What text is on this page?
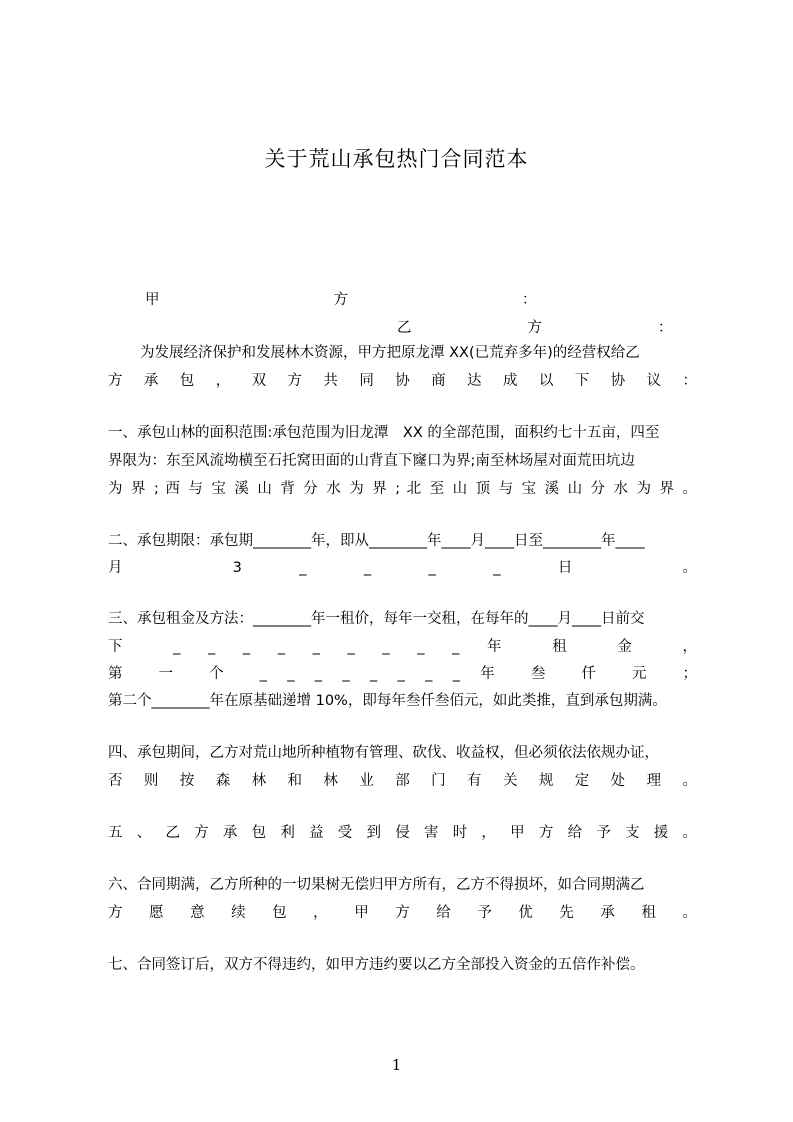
关于荒山承包热门合同范本
甲　　　　　　　　　　　　方　　　　　　　　　　　　：
乙　　　　　　　　方　　　　　　　　：
为发展经济保护和发展林木资源，甲方把原龙潭 XX(已荒弃多年)的经营权给乙
方 承 包 ， 双 方 共 同 协 商 达 成 以 下 协 议 ：
一、承包山林的面积范围:承包范围为旧龙潭　XX 的全部范围，面积约七十五亩，四至
界限为：东至风流坳横至石托窝田面的山背直下窿口为界;南至林场屋对面荒田坑边
为 界 ; 西 与 宝 溪 山 背 分 水 为 界 ; 北 至 山 顶 与 宝 溪 山 分 水 为 界 。
二、承包期限：承包期________年，即从________年____月____日至________年____
月 3 _ _ _ _ 日 。
三、承包租金及方法：________年一租价，每年一交租，在每年的____月____日前交
下 _ _ _ _ _ _ _ _ _ 年 租 金 ，
第 一 个 _ _ _ _ _ _ _ _ 年 叁 仟 元 ；
第二个________年在原基础递增 10%，即每年叁仟叁佰元，如此类推，直到承包期满。
四、承包期间，乙方对荒山地所种植物有管理、砍伐、收益权，但必须依法依规办证，
否 则 按 森 林 和 林 业 部 门 有 关 规 定 处 理 。
五 、 乙 方 承 包 利 益 受 到 侵 害 时 ， 甲 方 给 予 支 援 。
六、合同期满，乙方所种的一切果树无偿归甲方所有，乙方不得损坏，如合同期满乙
方 愿 意 续 包 ， 甲 方 给 予 优 先 承 租 。
七、合同签订后，双方不得违约，如甲方违约要以乙方全部投入资金的五倍作补偿。
1
